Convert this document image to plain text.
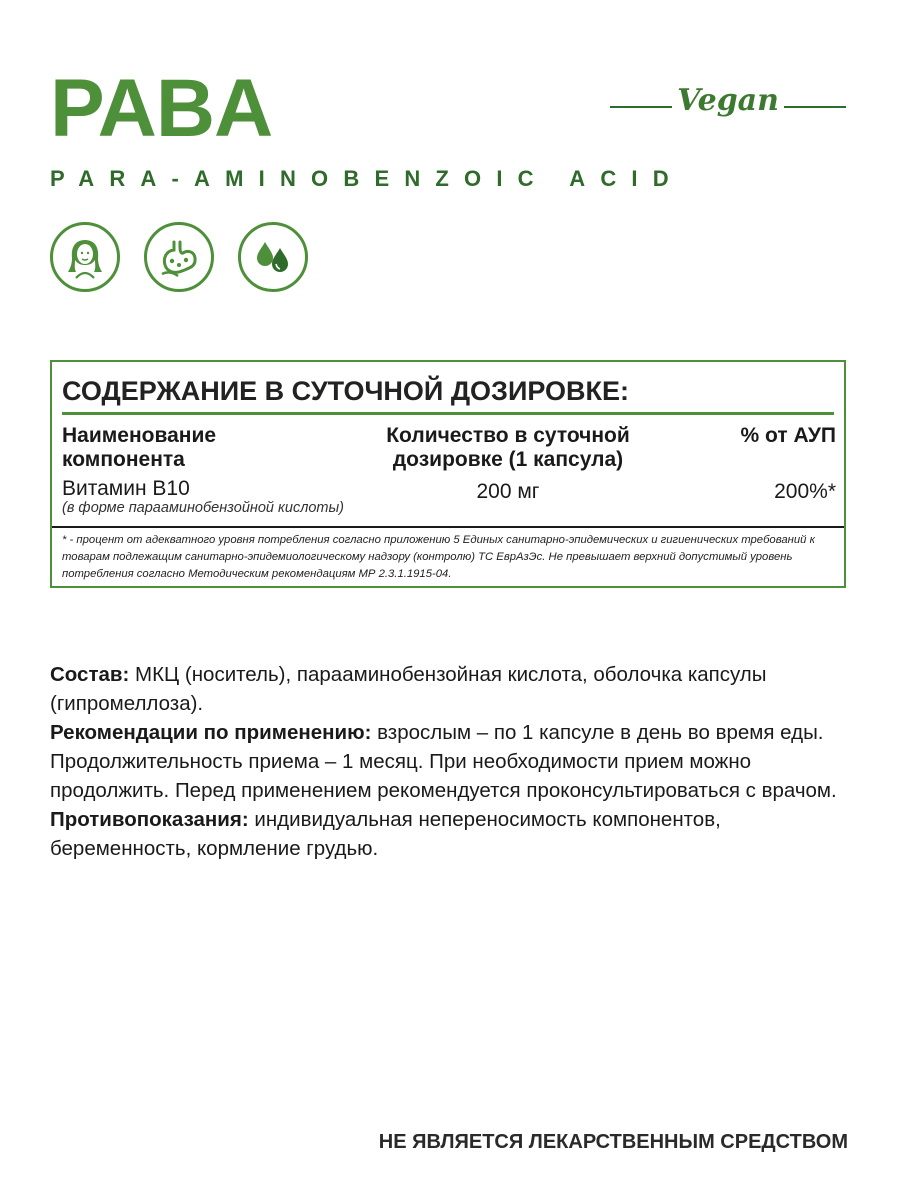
PABA
PARA-AMINOBENZOIC ACID
Vegan
СОДЕРЖАНИЕ В СУТОЧНОЙ ДОЗИРОВКЕ:
Наименование
компонента
Количество в суточной
дозировке (1 капсула)
% от АУП
Витамин B10
(в форме парааминобензойной кислоты)
200 мг	200%*
* - процент от адекватного уровня потребления согласно приложению 5 Единых санитарно-эпидемических и гигиенических требований к товарам подлежащим санитарно-эпидемиологическому надзору (контролю) ТС ЕврАзЭс. Не превышает верхний допустимый уровень потребления согласно Методическим рекомендациям МР 2.3.1.1915-04.

Состав: МКЦ (носитель), парааминобензойная кислота, оболочка капсулы (гипромеллоза).

Рекомендации по применению: взрослым – по 1 капсуле в день во время еды. Продолжительность приема – 1 месяц. При необходимости прием можно продолжить. Перед применением рекомендуется проконсультироваться с врачом.

Противопоказания: индивидуальная непереносимость компонентов, беременность, кормление грудью.

НЕ ЯВЛЯЕТСЯ ЛЕКАРСТВЕННЫМ СРЕДСТВОМ
